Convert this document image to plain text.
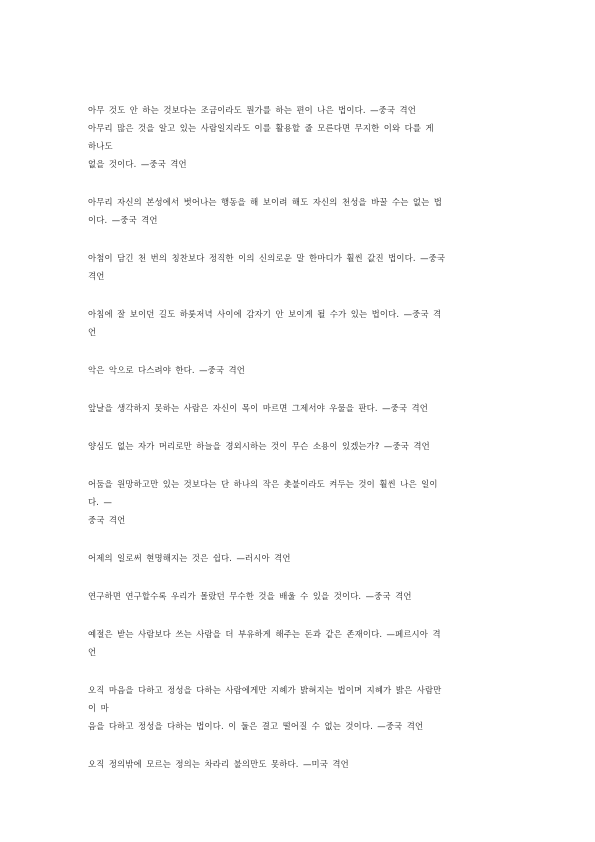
아무 것도 안 하는 것보다는 조금이라도 뭔가를 하는 편이 나은 법이다. —중국 격언
아무리 많은 것을 알고 있는 사람일지라도 이를 활용할 줄 모른다면 무지한 이와 다를 게
하나도
없을 것이다. —중국 격언
아무리 자신의 본성에서 벗어나는 행동을 해 보이려 해도 자신의 천성을 바꿀 수는 없는 법
이다. —중국 격언
아첨이 담긴 천 번의 칭찬보다 정직한 이의 신의로운 말 한마디가 훨씬 값진 법이다. —중국
격언
아침에 잘 보이던 길도 하룻저녁 사이에 감자기 안 보이게 될 수가 있는 법이다. —중국 격
언
악은 악으로 다스려야 한다. —중국 격언
앞날을 생각하지 못하는 사람은 자신이 목이 마르면 그제서야 우물을 판다. —중국 격언
양심도 없는 자가 머리로만 하늘을 경외시하는 것이 무슨 소용이 있겠는가? —중국 격언
어둠을 원망하고만 있는 것보다는 단 하나의 작은 촛불이라도 켜두는 것이 훨씬 나은 일이
다. —
중국 격언
어제의 일로써 현명해지는 것은 쉽다. —러시아 격언
연구하면 연구할수록 우리가 몰랐던 무수한 것을 배울 수 있을 것이다. —중국 격언
예절은 받는 사람보다 쓰는 사람을 더 부유하게 해주는 돈과 같은 존재이다. —페르시아 격
언
오직 마음을 다하고 정성을 다하는 사람에게만 지혜가 밝혀지는 법이며 지혜가 밝은 사람만
이 마
음을 다하고 정성을 다하는 법이다. 이 둘은 결고 떨어질 수 없는 것이다. —중국 격언
오직 정의밖에 모르는 정의는 차라리 불의만도 못하다. —미국 격언
